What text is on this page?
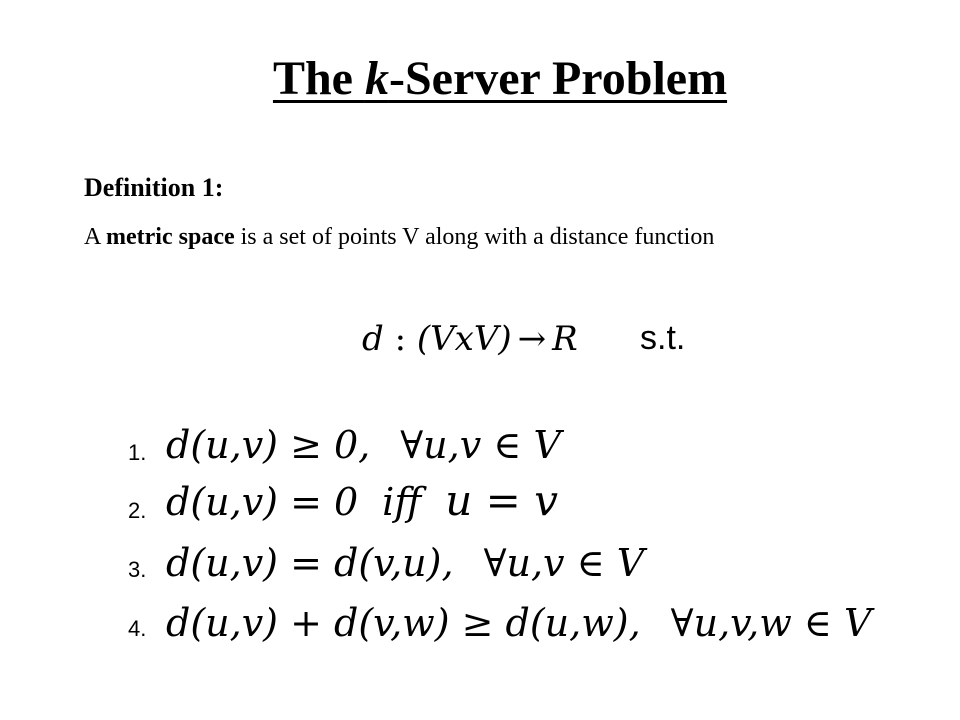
The k-Server Problem
Definition 1:
A metric space is a set of points V along with a distance function
d : (VxV) → R s.t.
1. d(u,v) ≥ 0, ∀u,v ∈ V
2. d(u,v) = 0 iff u = v
3. d(u,v) = d(v,u), ∀u,v ∈ V
4. d(u,v) + d(v,w) ≥ d(u,w), ∀u,v,w ∈ V
